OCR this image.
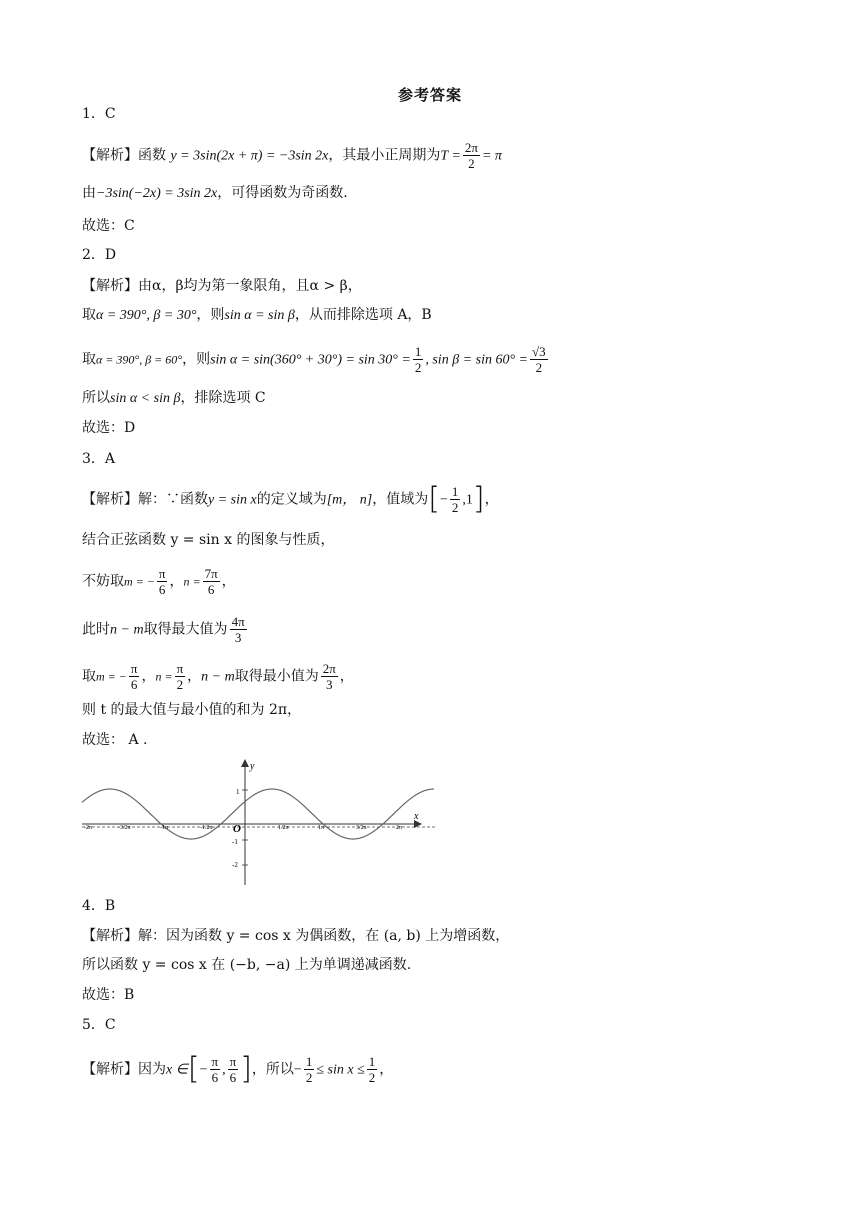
参考答案
1．C
【解析】函数 y = 3sin(2x + π) = −3sin 2x，其最小正周期为$T = \frac{2\pi}{2} = \pi$
由−3sin(−2x) = 3sin 2x，可得函数为奇函数.
故选：C
2．D
【解析】由α，β均为第一象限角，且α > β，
取α = 390°, β = 30°，则sin α = sin β，从而排除选项 A，B
取α = 390°, β = 60°，则$\sin \alpha = \sin(360^\circ + 30^\circ) = \sin 30^\circ = \frac{1}{2}$ , $\sin \beta = \sin 60^\circ = \frac{√3}{2}$
所以sin α < sin β，排除选项 C
故选：D
3．A
【解析】解：∵函数y = sin x的定义域为[m， n]，值域为[− $\frac{1}{2} ,1$]，
结合正弦函数 y = sin x 的图象与性质，
不妨取m = − $\frac{\pi}{6}$ ，$n = \frac{7\pi}{6}$ ，
此时n − m取得最大值为 $\frac{4\pi}{3}$
取m = − $\frac{\pi}{6}$ ，$n = \frac{\pi}{2}$ ，n − m取得最小值为 $\frac{2\pi}{3}$ ，
则 t 的最大值与最小值的和为 2π，
故选： A .
y
x
O
1
-1
-2
-2π	-3/2π	-1π	-1/2π	1/2π	1π	3/2π	2π
4．B
【解析】解：因为函数 y = cos x 为偶函数，在 (a, b) 上为增函数，
所以函数 y = cos x 在 (−b, −a) 上为单调递减函数.
故选：B
5．C
【解析】因为x ∈[− $\frac{\pi}{6}$ , $\frac{\pi}{6}$ ]，所以− $\frac{1}{2} \le \sin x \le \frac{1}{2}$ ，
